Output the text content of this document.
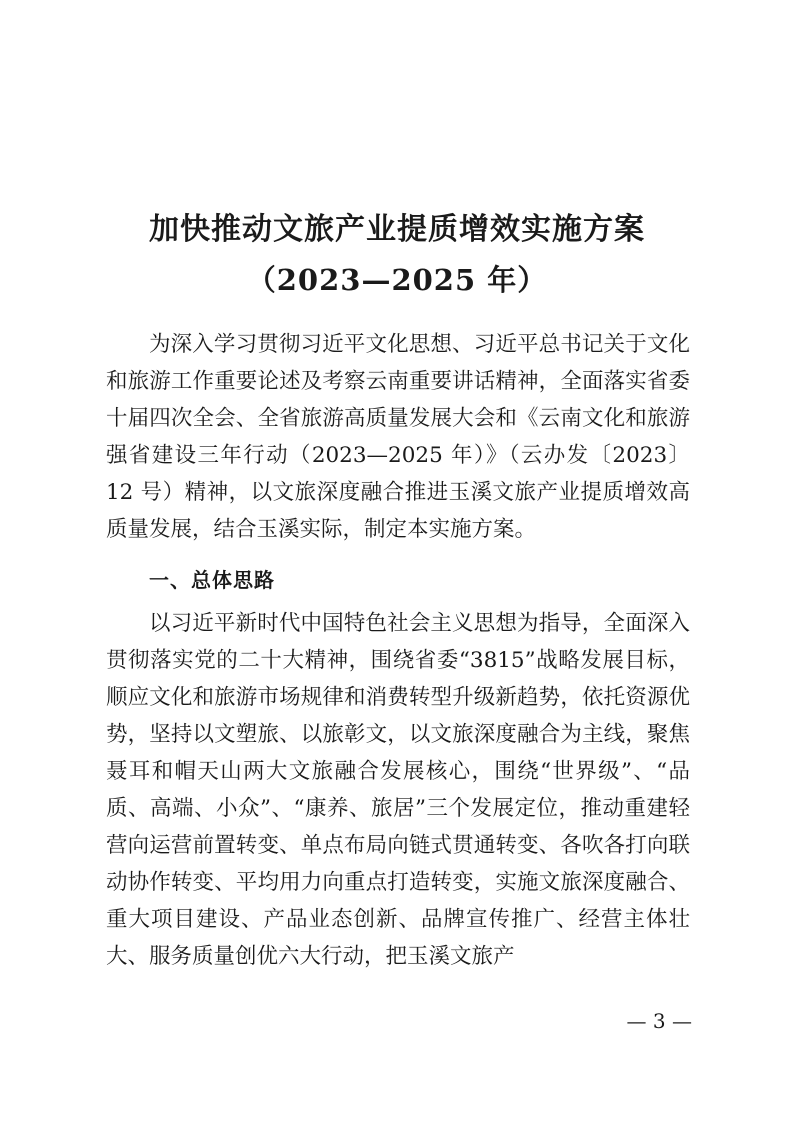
加快推动文旅产业提质增效实施方案
（2023—2025 年）

为深入学习贯彻习近平文化思想、习近平总书记关于文化和旅游工作重要论述及考察云南重要讲话精神，全面落实省委十届四次全会、全省旅游高质量发展大会和《云南文化和旅游强省建设三年行动（2023—2025 年）》（云办发〔2023〕12 号）精神，以文旅深度融合推进玉溪文旅产业提质增效高质量发展，结合玉溪实际，制定本实施方案。

一、总体思路

以习近平新时代中国特色社会主义思想为指导，全面深入贯彻落实党的二十大精神，围绕省委“3815”战略发展目标，顺应文化和旅游市场规律和消费转型升级新趋势，依托资源优势，坚持以文塑旅、以旅彰文，以文旅深度融合为主线，聚焦聂耳和帽天山两大文旅融合发展核心，围绕“世界级”、“品质、高端、小众”、“康养、旅居”三个发展定位，推动重建轻营向运营前置转变、单点布局向链式贯通转变、各吹各打向联动协作转变、平均用力向重点打造转变，实施文旅深度融合、重大项目建设、产品业态创新、品牌宣传推广、经营主体壮大、服务质量创优六大行动，把玉溪文旅产

— 3 —
